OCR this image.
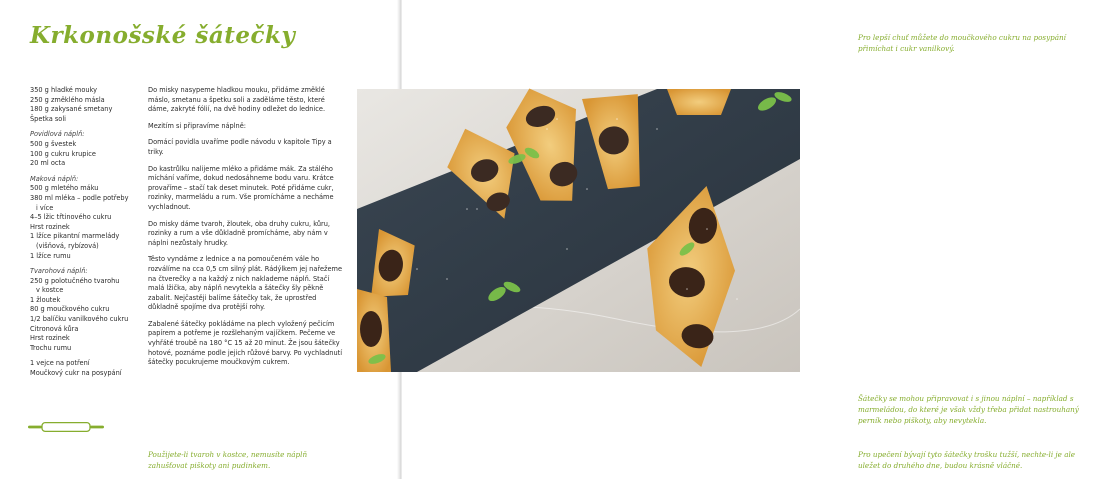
Krkonošské šátečky
350 g hladké mouky
250 g změklého másla
180 g zakysané smetany
Špetka soli
Povidlová náplň:
500 g švestek
100 g cukru krupice
20 ml octa
Maková náplň:
500 g mletého máku
380 ml mléka – podle potřeby
i více
4–5 lžic třtinového cukru
Hrst rozinek
1 lžíce pikantní marmelády
(višňová, rybízová)
1 lžíce rumu
Tvarohová náplň:
250 g polotučného tvarohu
v kostce
1 žloutek
80 g moučkového cukru
1/2 balíčku vanilkového cukru
Citronová kůra
Hrst rozinek
Trochu rumu
1 vejce na potření
Moučkový cukr na posypání

Do misky nasypeme hladkou mouku, přidáme změklé máslo, smetanu a špetku soli a zaděláme těsto, které dáme, zakryté fólií, na dvě hodiny odležet do lednice.

Mezitím si připravíme náplně:

Domácí povidla uvaříme podle návodu v kapitole Tipy a triky.

Do kastrůlku nalijeme mléko a přidáme mák. Za stálého míchání vaříme, dokud nedosáhneme bodu varu. Krátce provaříme – stačí tak deset minutek. Poté přidáme cukr, rozinky, marmeládu a rum. Vše promícháme a necháme vychladnout.

Do misky dáme tvaroh, žloutek, oba druhy cukru, kůru, rozinky a rum a vše důkladně promícháme, aby nám v náplni nezůstaly hrudky.

Těsto vyndáme z lednice a na pomoučeném vále ho rozválíme na cca 0,5 cm silný plát. Rádýlkem jej nařežeme na čtverečky a na každý z nich naklademe náplň. Stačí malá lžička, aby náplň nevytekla a šátečky šly pěkně zabalit. Nejčastěji balíme šátečky tak, že uprostřed důkladně spojíme dva protější rohy.

Zabalené šátečky pokládáme na plech vyložený pečicím papírem a potřeme je rozšlehaným vajíčkem. Pečeme ve vyhřáté troubě na 180 °C 15 až 20 minut. Že jsou šátečky hotové, poznáme podle jejich růžové barvy. Po vychladnutí šátečky pocukrujeme moučkovým cukrem.

Použijete-li tvaroh v kostce, nemusíte náplň zahušťovat piškoty ani pudinkem.

Pro lepší chuť můžete do moučkového cukru na posypání přimíchat i cukr vanilkový.

Šátečky se mohou připravovat i s jinou náplní – například s marmeládou, do které je však vždy třeba přidat nastrouhaný perník nebo piškoty, aby nevytekla.

Pro upečení bývají tyto šátečky trošku tužší, nechte-li je ale uležet do druhého dne, budou krásně vláčné.
